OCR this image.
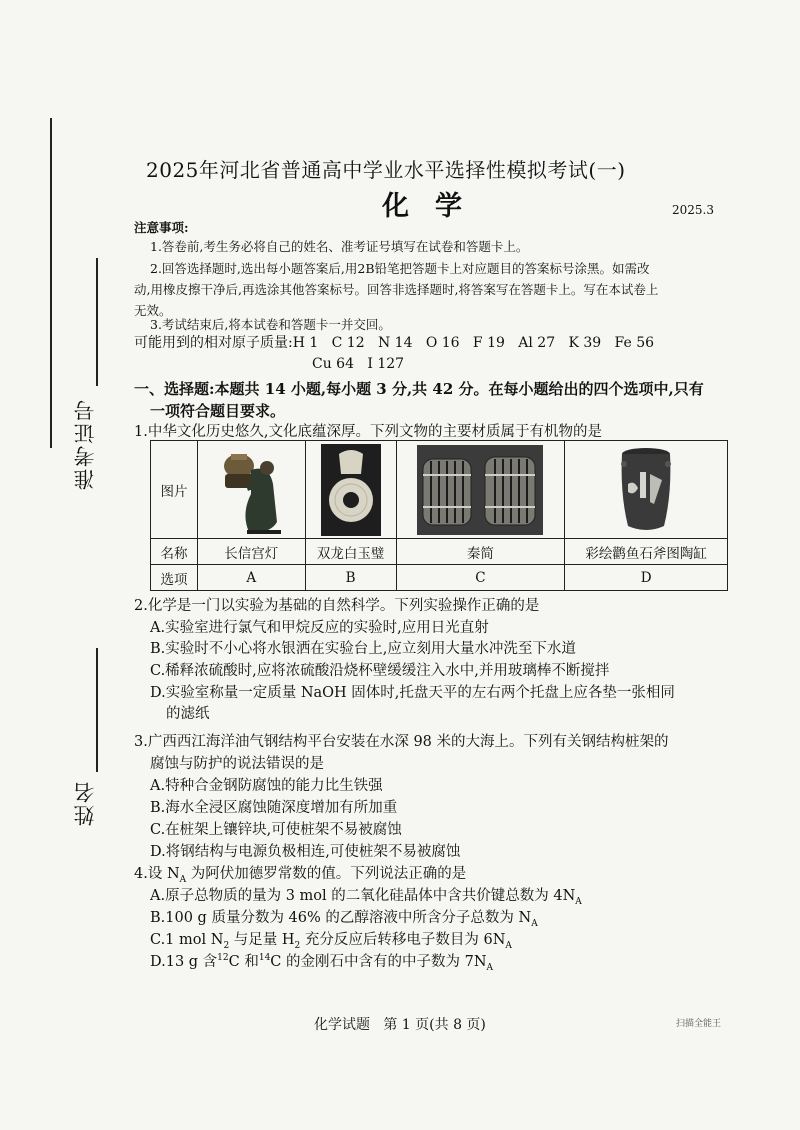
准考证号
姓名
2025年河北省普通高中学业水平选择性模拟考试(一)
化学	2025.3
注意事项:
1.答卷前,考生务必将自己的姓名、准考证号填写在试卷和答题卡上。
2.回答选择题时,选出每小题答案后,用2B铅笔把答题卡上对应题目的答案标号涂黑。如需改
动,用橡皮擦干净后,再选涂其他答案标号。回答非选择题时,将答案写在答题卡上。写在本试卷上
无效。
3.考试结束后,将本试卷和答题卡一并交回。
可能用到的相对原子质量:H 1   C 12   N 14   O 16   F 19   Al 27   K 39   Fe 56
Cu 64   I 127
一、选择题:本题共 14 小题,每小题 3 分,共 42 分。在每小题给出的四个选项中,只有
一项符合题目要求。
1.中华文化历史悠久,文化底蕴深厚。下列文物的主要材质属于有机物的是
图片	

名称	长信宫灯	双龙白玉璧	秦简	彩绘鹳鱼石斧图陶缸
选项	A	B	C	D
2.化学是一门以实验为基础的自然科学。下列实验操作正确的是
A.实验室进行氯气和甲烷反应的实验时,应用日光直射
B.实验时不小心将水银洒在实验台上,应立刻用大量水冲洗至下水道
C.稀释浓硫酸时,应将浓硫酸沿烧杯壁缓缓注入水中,并用玻璃棒不断搅拌
D.实验室称量一定质量 NaOH 固体时,托盘天平的左右两个托盘上应各垫一张相同
的滤纸
3.广西西江海洋油气钢结构平台安装在水深 98 米的大海上。下列有关钢结构桩架的
腐蚀与防护的说法错误的是
A.特种合金钢防腐蚀的能力比生铁强
B.海水全浸区腐蚀随深度增加有所加重
C.在桩架上镶锌块,可使桩架不易被腐蚀
D.将钢结构与电源负极相连,可使桩架不易被腐蚀
4.设 $N_A$ 为阿伏加德罗常数的值。下列说法正确的是
A.原子总物质的量为 3 mol 的二氧化硅晶体中含共价键总数为 $4N_A$
B.100 g 质量分数为 46% 的乙醇溶液中所含分子总数为 $N_A$
C.1 mol $N_2$ 与足量 $H_2$ 充分反应后转移电子数目为 $6N_A$
D.13 g 含$^{12}$C 和$^{14}$C 的金刚石中含有的中子数为 $7N_A$
化学试题   第 1 页(共 8 页)	扫描全能王
